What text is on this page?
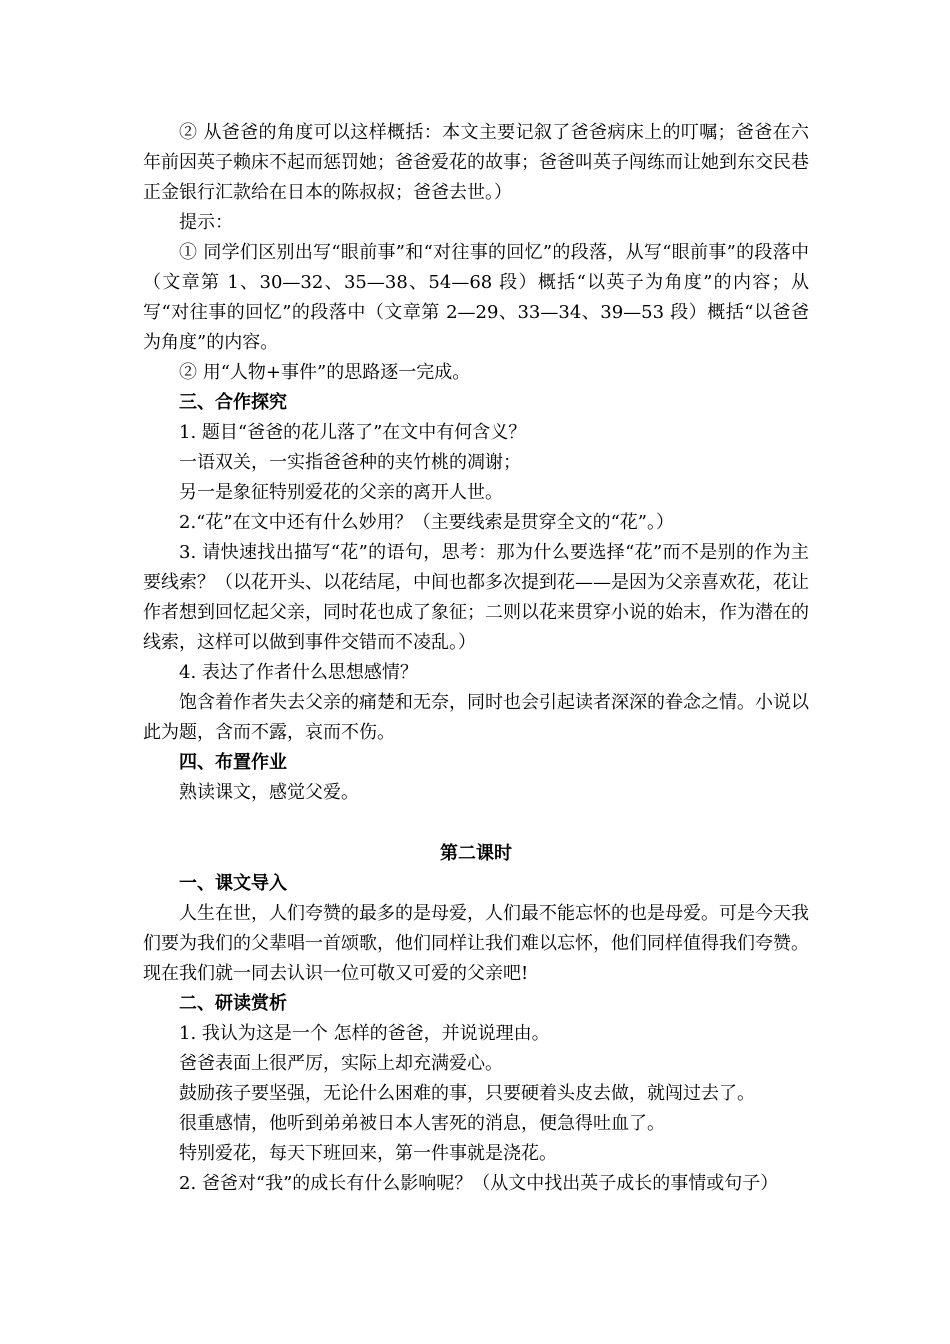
② 从爸爸的角度可以这样概括：本文主要记叙了爸爸病床上的叮嘱；爸爸在六年前因英子赖床不起而惩罚她；爸爸爱花的故事；爸爸叫英子闯练而让她到东交民巷正金银行汇款给在日本的陈叔叔；爸爸去世。）

提示：

① 同学们区别出写“眼前事”和“对往事的回忆”的段落，从写“眼前事”的段落中（文章第 1、30—32、35—38、54—68 段）概括“以英子为角度”的内容；从写“对往事的回忆”的段落中（文章第 2—29、33—34、39—53 段）概括“以爸爸为角度”的内容。

② 用“人物+事件”的思路逐一完成。

三、合作探究

1. 题目“爸爸的花儿落了”在文中有何含义？

一语双关，一实指爸爸种的夹竹桃的凋谢；

另一是象征特别爱花的父亲的离开人世。

2.“花”在文中还有什么妙用？（主要线索是贯穿全文的“花”。）

3. 请快速找出描写“花”的语句，思考：那为什么要选择“花”而不是别的作为主要线索？（以花开头、以花结尾，中间也都多次提到花——是因为父亲喜欢花，花让作者想到回忆起父亲，同时花也成了象征；二则以花来贯穿小说的始末，作为潜在的线索，这样可以做到事件交错而不凌乱。）

4. 表达了作者什么思想感情？

饱含着作者失去父亲的痛楚和无奈，同时也会引起读者深深的眷念之情。小说以此为题，含而不露，哀而不伤。

四、布置作业

熟读课文，感觉父爱。

第二课时

一、课文导入

人生在世，人们夸赞的最多的是母爱，人们最不能忘怀的也是母爱。可是今天我们要为我们的父辈唱一首颂歌，他们同样让我们难以忘怀，他们同样值得我们夸赞。现在我们就一同去认识一位可敬又可爱的父亲吧!

二、研读赏析

1. 我认为这是一个 怎样的爸爸，并说说理由。

爸爸表面上很严厉，实际上却充满爱心。

鼓励孩子要坚强，无论什么困难的事，只要硬着头皮去做，就闯过去了。

很重感情，他听到弟弟被日本人害死的消息，便急得吐血了。

特别爱花，每天下班回来，第一件事就是浇花。

2. 爸爸对“我”的成长有什么影响呢？（从文中找出英子成长的事情或句子）
